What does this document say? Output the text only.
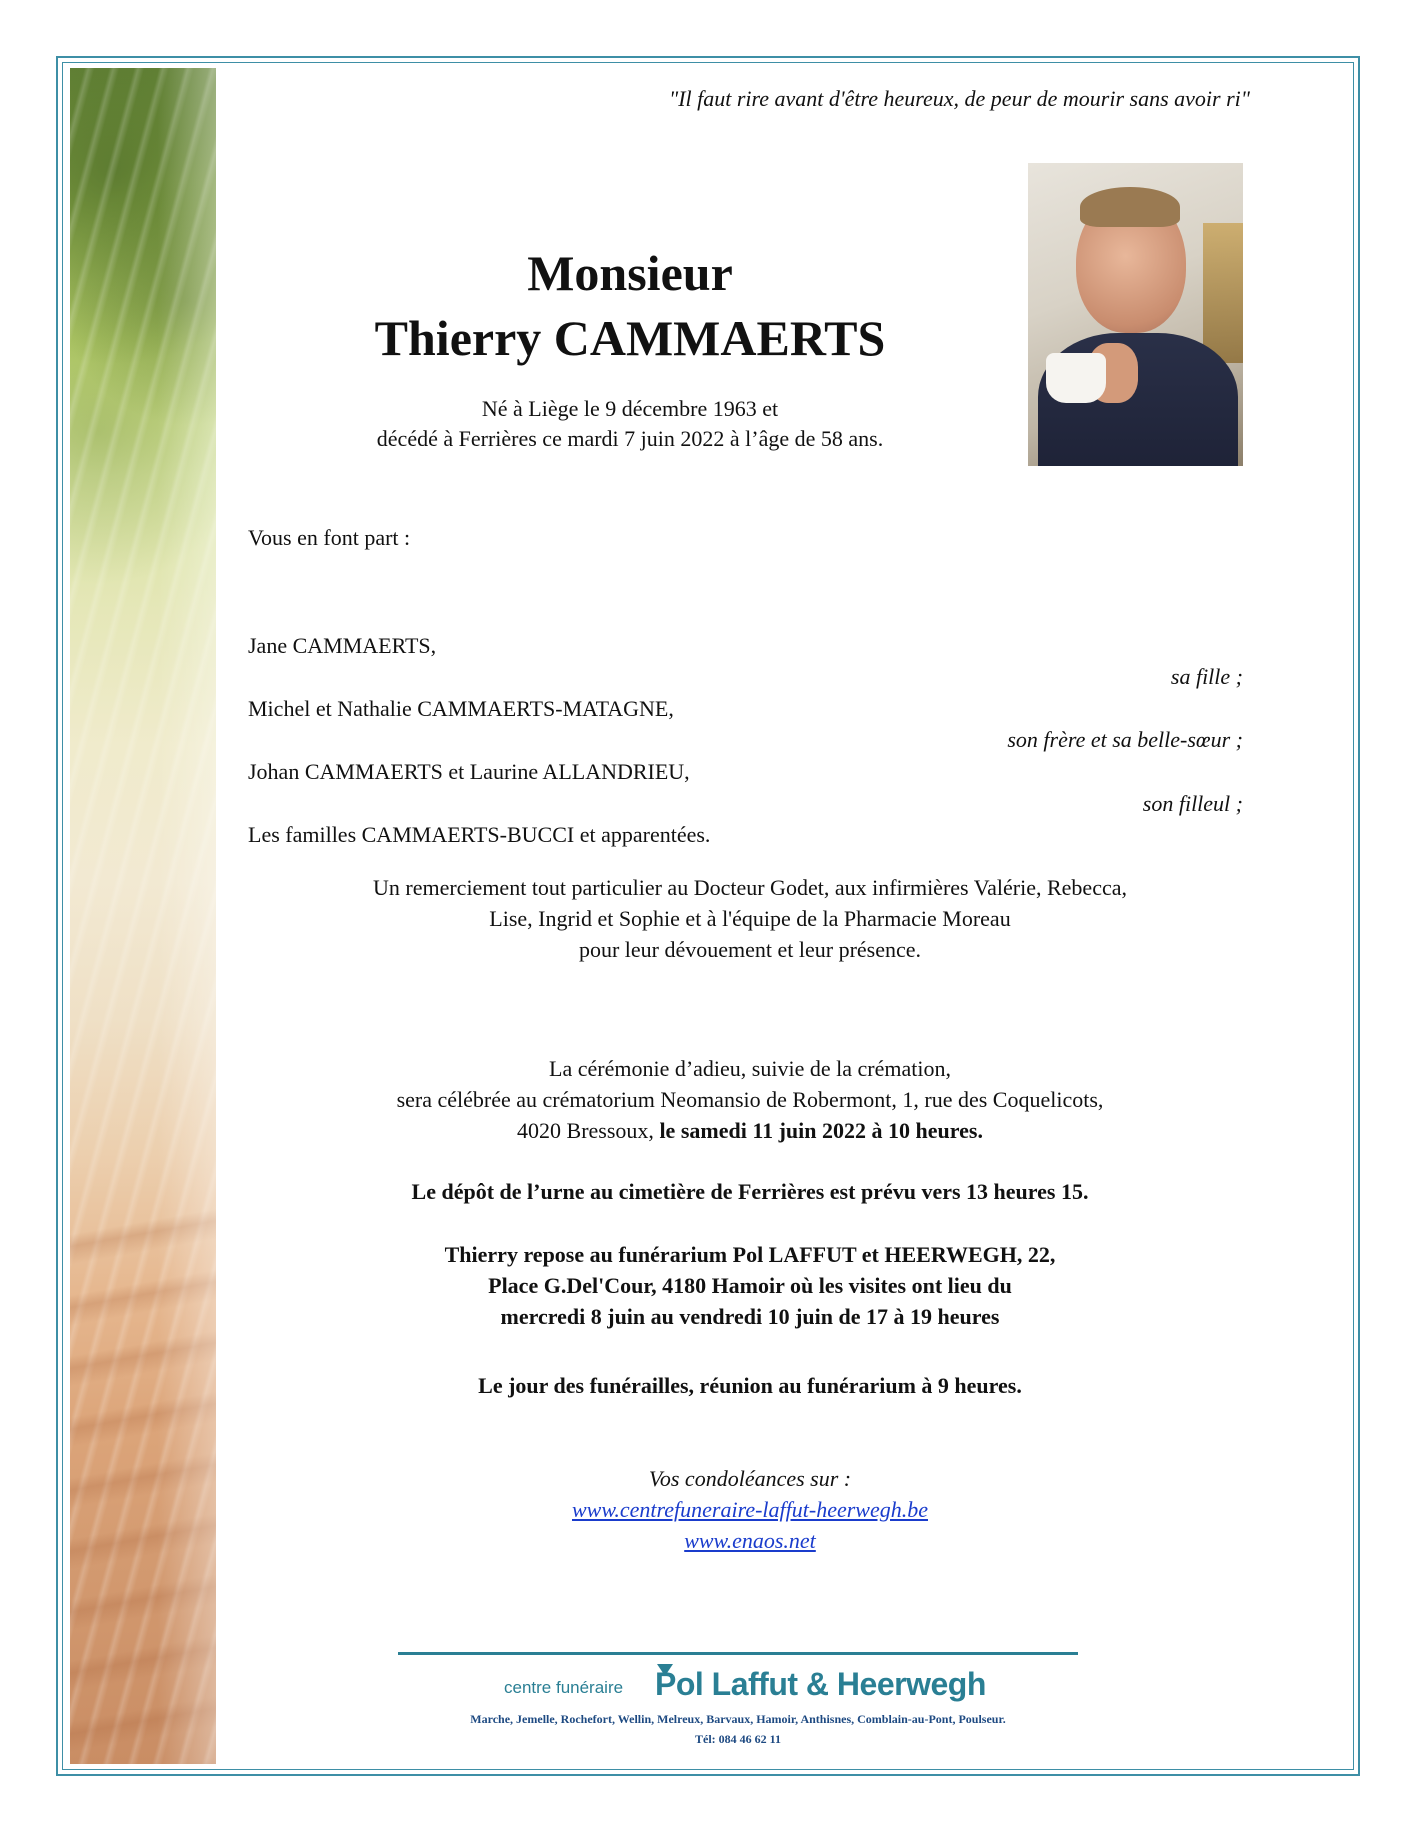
"Il faut rire avant d'être heureux, de peur de mourir sans avoir ri"
Monsieur
Thierry CAMMAERTS
Né à Liège le 9 décembre 1963 et
décédé à Ferrières ce mardi 7 juin 2022 à l’âge de 58 ans.
Vous en font part :
Jane CAMMAERTS,
sa fille ;
Michel et Nathalie CAMMAERTS-MATAGNE,
son frère et sa belle-sœur ;
Johan CAMMAERTS et Laurine ALLANDRIEU,
son filleul ;
Les familles CAMMAERTS-BUCCI et apparentées.
Un remerciement tout particulier au Docteur Godet, aux infirmières Valérie, Rebecca,
Lise, Ingrid et Sophie et à l'équipe de la Pharmacie Moreau
pour leur dévouement et leur présence.
La cérémonie d’adieu, suivie de la crémation,
sera célébrée au crématorium Neomansio de Robermont, 1, rue des Coquelicots,
4020 Bressoux, le samedi 11 juin 2022 à 10 heures.
Le dépôt de l’urne au cimetière de Ferrières est prévu vers 13 heures 15.
Thierry repose au funérarium Pol LAFFUT et HEERWEGH, 22,
Place G.Del'Cour, 4180 Hamoir où les visites ont lieu du
mercredi 8 juin au vendredi 10 juin de 17 à 19 heures
Le jour des funérailles, réunion au funérarium à 9 heures.
Vos condoléances sur :
www.centrefuneraire-laffut-heerwegh.be
www.enaos.net
centre funéraire Pol Laffut & Heerwegh
Marche, Jemelle, Rochefort, Wellin, Melreux, Barvaux, Hamoir, Anthisnes, Comblain-au-Pont, Poulseur.
Tél: 084 46 62 11
